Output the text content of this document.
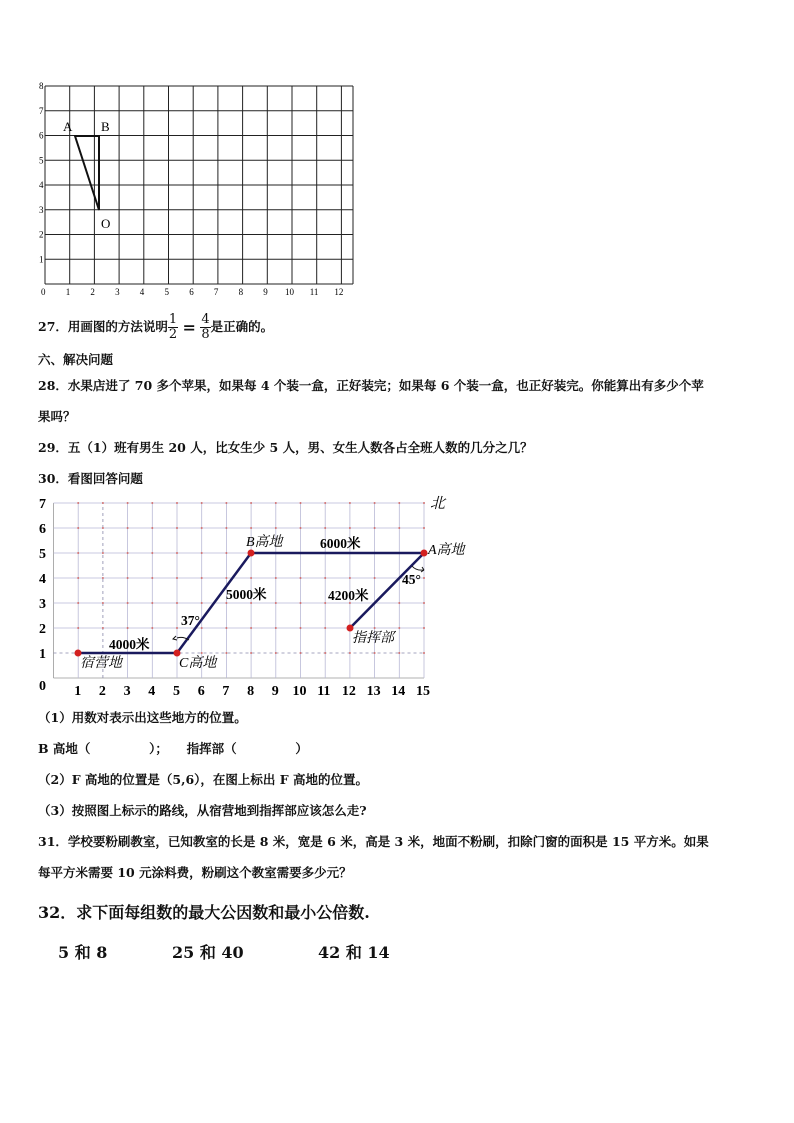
0 1 2 3 4 5 6 7 8 9 10 11 12
1
2
3
4
5
6
7
8
A B
O
27．用画图的方法说明 $\frac{1}{2} = \frac{4}{8}$ 是正确的。
六、解决问题
28．水果店进了 70 多个苹果，如果每 4 个装一盒，正好装完；如果每 6 个装一盒，也正好装完。你能算出有多少个苹
果吗？
29．五（1）班有男生 20 人，比女生少 5 人，男、女生人数各占全班人数的几分之几？
30．看图回答问题
1 2 3 4 5 6 7 8 9 10 11 12 13 14 15
1
2
3
4
5
6
7
0
北
宿营地	C高地
B高地
A高地
指挥部
4000米
5000米
6000米
4200米
37°
45°
（1）用数对表示出这些地方的位置。
B 高地（	）； 指挥部（	）
（2）F 高地的位置是（5,6），在图上标出 F 高地的位置。
（3）按照图上标示的路线，从宿营地到指挥部应该怎么走?
31．学校要粉刷教室，已知教室的长是 8 米，宽是 6 米，高是 3 米，地面不粉刷，扣除门窗的面积是 15 平方米。如果
每平方米需要 10 元涂料费，粉刷这个教室需要多少元？
32．求下面每组数的最大公因数和最小公倍数.
5 和 8	25 和 40	42 和 14
